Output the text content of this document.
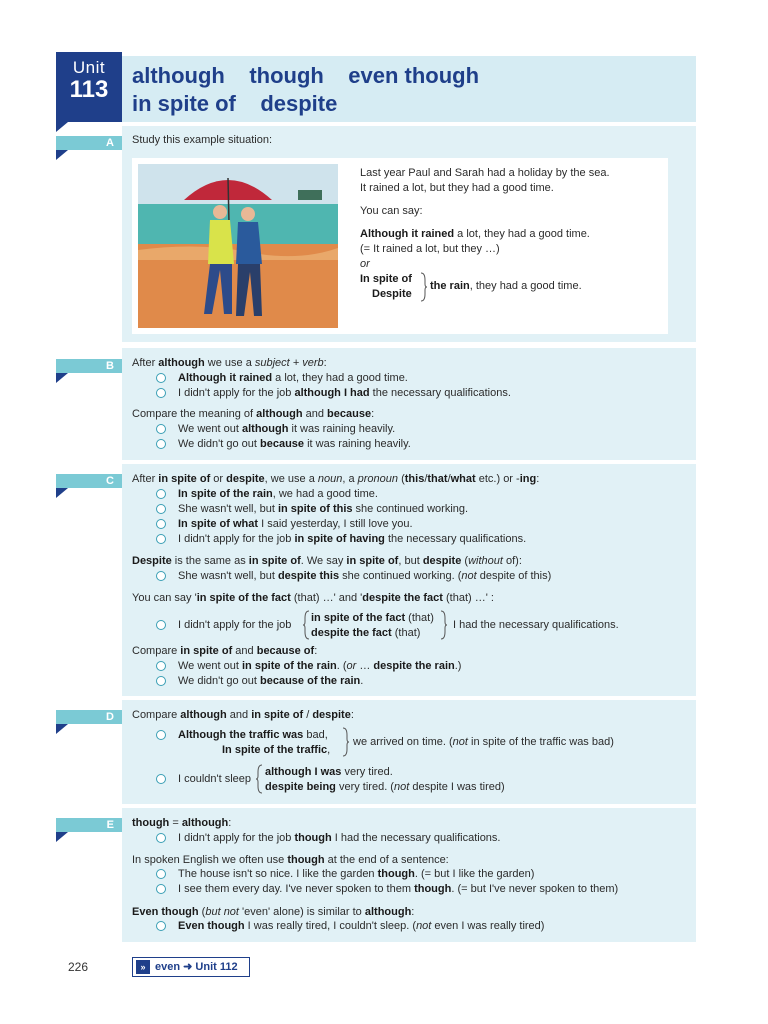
Unit
113
although    though    even though
in spite of    despite
A	Study this example situation:
Last year Paul and Sarah had a holiday by the sea.
It rained a lot, but they had a good time.
You can say:
Although it rained a lot, they had a good time.
(= It rained a lot, but they …)
or
In spite of
Despite
the rain, they had a good time.
B	After although we use a subject + verb:
Although it rained a lot, they had a good time.
I didn't apply for the job although I had the necessary qualifications.
Compare the meaning of although and because:
We went out although it was raining heavily.
We didn't go out because it was raining heavily.
C	After in spite of or despite, we use a noun, a pronoun (this/that/what etc.) or -ing:
In spite of the rain, we had a good time.
She wasn't well, but in spite of this she continued working.
In spite of what I said yesterday, I still love you.
I didn't apply for the job in spite of having the necessary qualifications.
Despite is the same as in spite of. We say in spite of, but despite (without of):
She wasn't well, but despite this she continued working. (not despite of this)
You can say 'in spite of the fact (that) …' and 'despite the fact (that) …' :
I didn't apply for the job
in spite of the fact (that)
despite the fact (that)
I had the necessary qualifications.
Compare in spite of and because of:
We went out in spite of the rain. (or … despite the rain.)
We didn't go out because of the rain.
D	Compare although and in spite of / despite:
Although the traffic was bad,
In spite of the traffic,
we arrived on time. (not in spite of the traffic was bad)
I couldn't sleep
although I was very tired.
despite being very tired. (not despite I was tired)
E	though = although:
I didn't apply for the job though I had the necessary qualifications.
In spoken English we often use though at the end of a sentence:
The house isn't so nice. I like the garden though. (= but I like the garden)
I see them every day. I've never spoken to them though. (= but I've never spoken to them)
Even though (but not 'even' alone) is similar to although:
Even though I was really tired, I couldn't sleep. (not even I was really tired)
226	» even ➜ Unit 112
